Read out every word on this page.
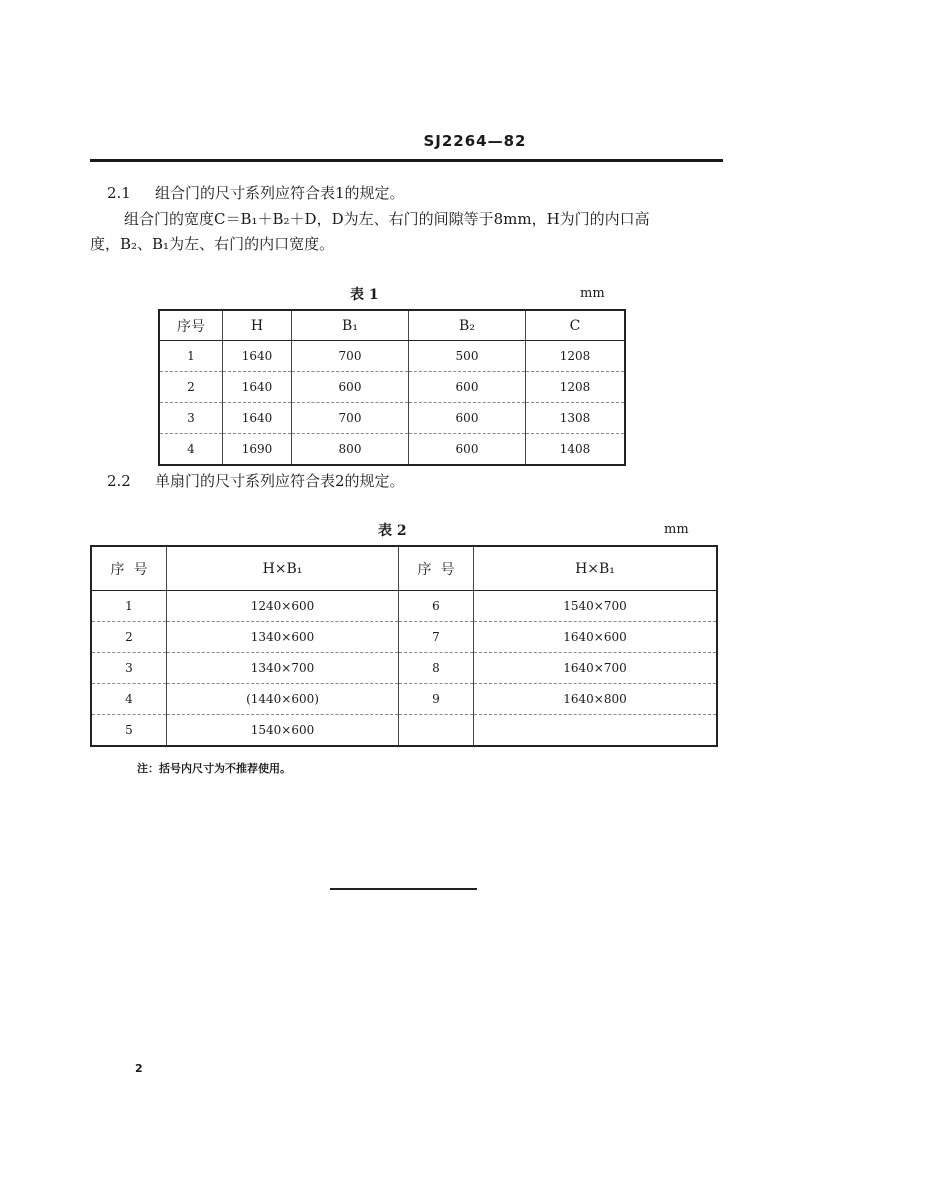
SJ2264—82
2.1 组合门的尺寸系列应符合表1的规定。
组合门的宽度C＝B₁＋B₂＋D，D为左、右门的间隙等于8mm，H为门的内口高
度，B₂、B₁为左、右门的内口宽度。
表 1	mm
序号	H	B₁	B₂	C
1	1640	700	500	1208
2	1640	600	600	1208
3	1640	700	600	1308
4	1690	800	600	1408
2.2 单扇门的尺寸系列应符合表2的规定。
表 2	mm
序  号	H×B₁	序  号	H×B₁
1	1240×600	6	1540×700
2	1340×600	7	1640×600
3	1340×700	8	1640×700
4	(1440×600)	9	1640×800
5	1540×600		
注：括号内尺寸为不推荐使用。
2
